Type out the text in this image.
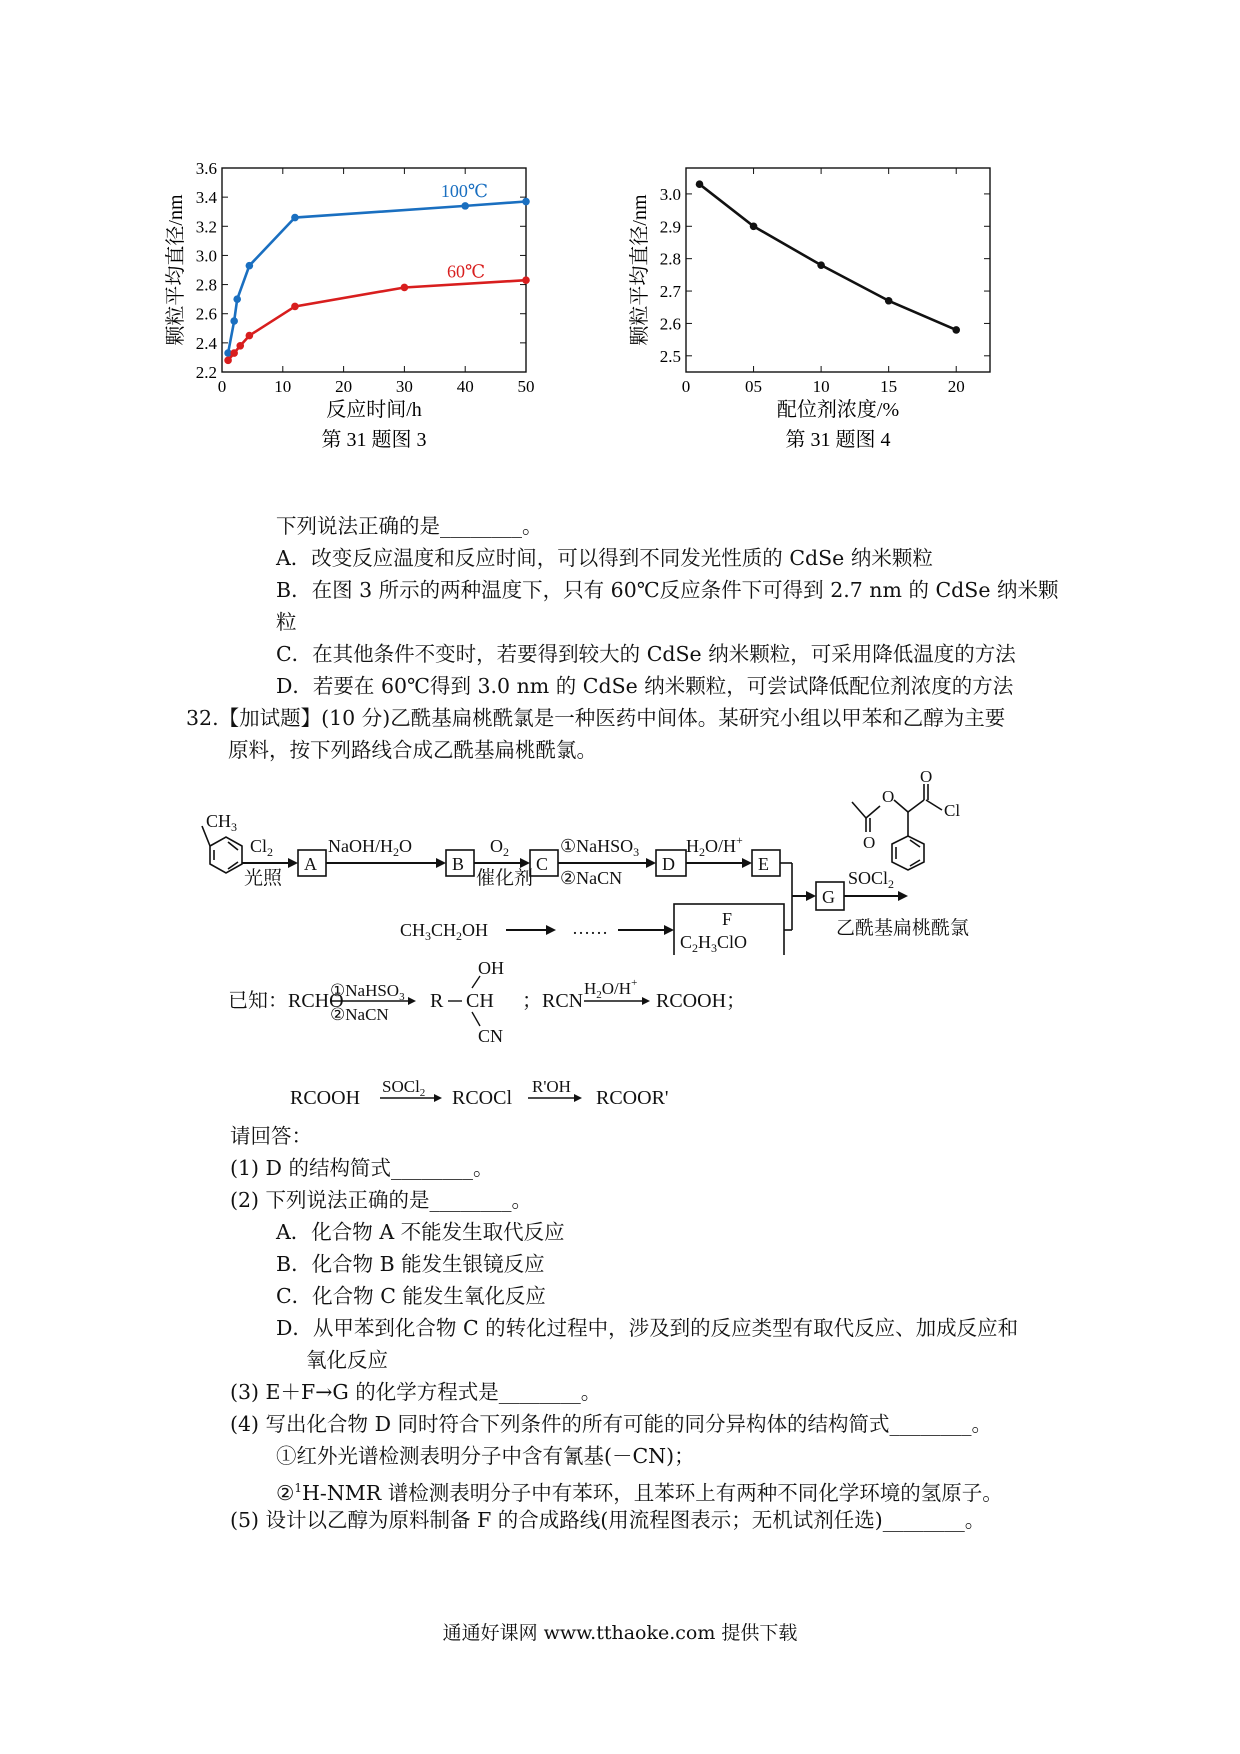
0	10	20	30	40	50
2.2
2.4
2.6
2.8
3.0
3.2
3.4
3.6
反应时间/h
颗粒平均直径/nm
第 31 题图 3
100℃
60℃
0	05	10	15	20
2.5
2.6
2.7
2.8
2.9
3.0
配位剂浓度/%
颗粒平均直径/nm
第 31 题图 4
下列说法正确的是________。
A．改变反应温度和反应时间，可以得到不同发光性质的 CdSe 纳米颗粒
B．在图 3 所示的两种温度下，只有 60℃反应条件下可得到 2.7 nm 的 CdSe 纳米颗
粒
C．在其他条件不变时，若要得到较大的 CdSe 纳米颗粒，可采用降低温度的方法
D．若要在 60℃得到 3.0 nm 的 CdSe 纳米颗粒，可尝试降低配位剂浓度的方法
32.【加试题】(10 分)乙酰基扁桃酰氯是一种医药中间体。某研究小组以甲苯和乙醇为主要
原料，按下列路线合成乙酰基扁桃酰氯。
$CH_3$
$Cl_2$
光照
A
NaOH/$H_2O$
B
$O_2$
催化剂
C
①NaHSO$_3$
②NaCN
D
$H_2O/H^+$
E
G
SOCl$_2$
F
$C_2H_3ClO$
$CH_3CH_2OH$	……
O
O
O
Cl
乙酰基扁桃酰氯
已知：RCHO
①NaHSO$_3$
②NaCN
R CH
OH
CN
；RCN
$H_2O/H^+$
RCOOH；
RCOOH
SOCl$_2$ RCOCl
R'OH
RCOOR'
请回答：
(1) D 的结构简式________。
(2) 下列说法正确的是________。
A．化合物 A 不能发生取代反应
B．化合物 B 能发生银镜反应
C．化合物 C 能发生氧化反应
D．从甲苯到化合物 C 的转化过程中，涉及到的反应类型有取代反应、加成反应和
氧化反应
(3) E＋F→G 的化学方程式是________。
(4) 写出化合物 D 同时符合下列条件的所有可能的同分异构体的结构简式________。
①红外光谱检测表明分子中含有氰基(－CN)；
②$^1$H-NMR 谱检测表明分子中有苯环，且苯环上有两种不同化学环境的氢原子。
(5) 设计以乙醇为原料制备 F 的合成路线(用流程图表示；无机试剂任选)________。
通通好课网 www.tthaoke.com 提供下载
